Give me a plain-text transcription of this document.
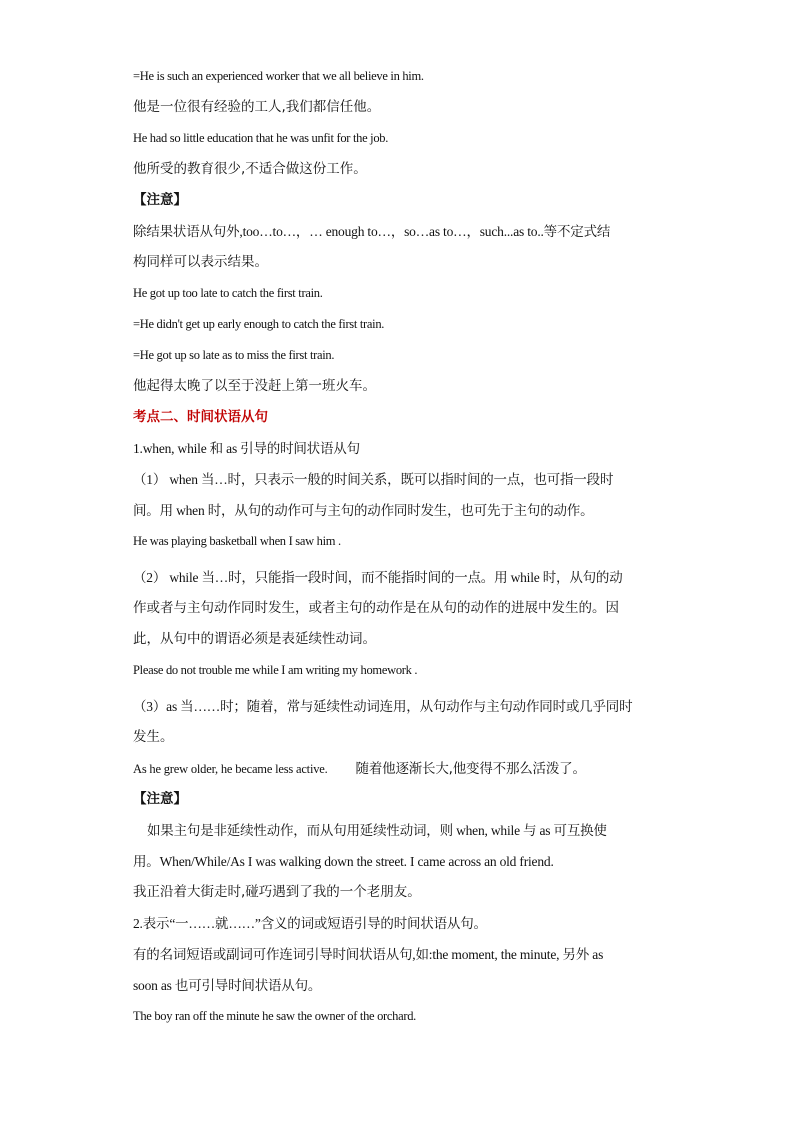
=He is such an experienced worker that we all believe in him.
他是一位很有经验的工人,我们都信任他。
He had so little education that he was unfit for the job.
他所受的教育很少,不适合做这份工作。
【注意】
除结果状语从句外,too…to…，… enough to…，so…as to…，such...as to..等不定式结
构同样可以表示结果。
He got up too late to catch the first train.
=He didn't get up early enough to catch the first train.
=He got up so late as to miss the first train.
他起得太晚了以至于没赶上第一班火车。
考点二、时间状语从句
1.when, while 和 as 引导的时间状语从句
（1） when 当…时，只表示一般的时间关系，既可以指时间的一点，也可指一段时
间。用 when 时，从句的动作可与主句的动作同时发生，也可先于主句的动作。
He was playing basketball when I saw him .
（2） while 当…时，只能指一段时间，而不能指时间的一点。用 while 时，从句的动
作或者与主句动作同时发生，或者主句的动作是在从句的动作的进展中发生的。因
此，从句中的谓语必须是表延续性动词。
Please do not trouble me while I am writing my homework .
（3）as 当……时；随着，常与延续性动词连用，从句动作与主句动作同时或几乎同时
发生。
As he grew older, he became less active. 随着他逐渐长大,他变得不那么活泼了。
【注意】
如果主句是非延续性动作，而从句用延续性动词，则 when, while 与 as 可互换使
用。When/While/As I was walking down the street. I came across an old friend.
我正沿着大街走时,碰巧遇到了我的一个老朋友。
2.表示“一……就……”含义的词或短语引导的时间状语从句。
有的名词短语或副词可作连词引导时间状语从句,如:the moment, the minute, 另外 as
soon as 也可引导时间状语从句。
The boy ran off the minute he saw the owner of the orchard.
